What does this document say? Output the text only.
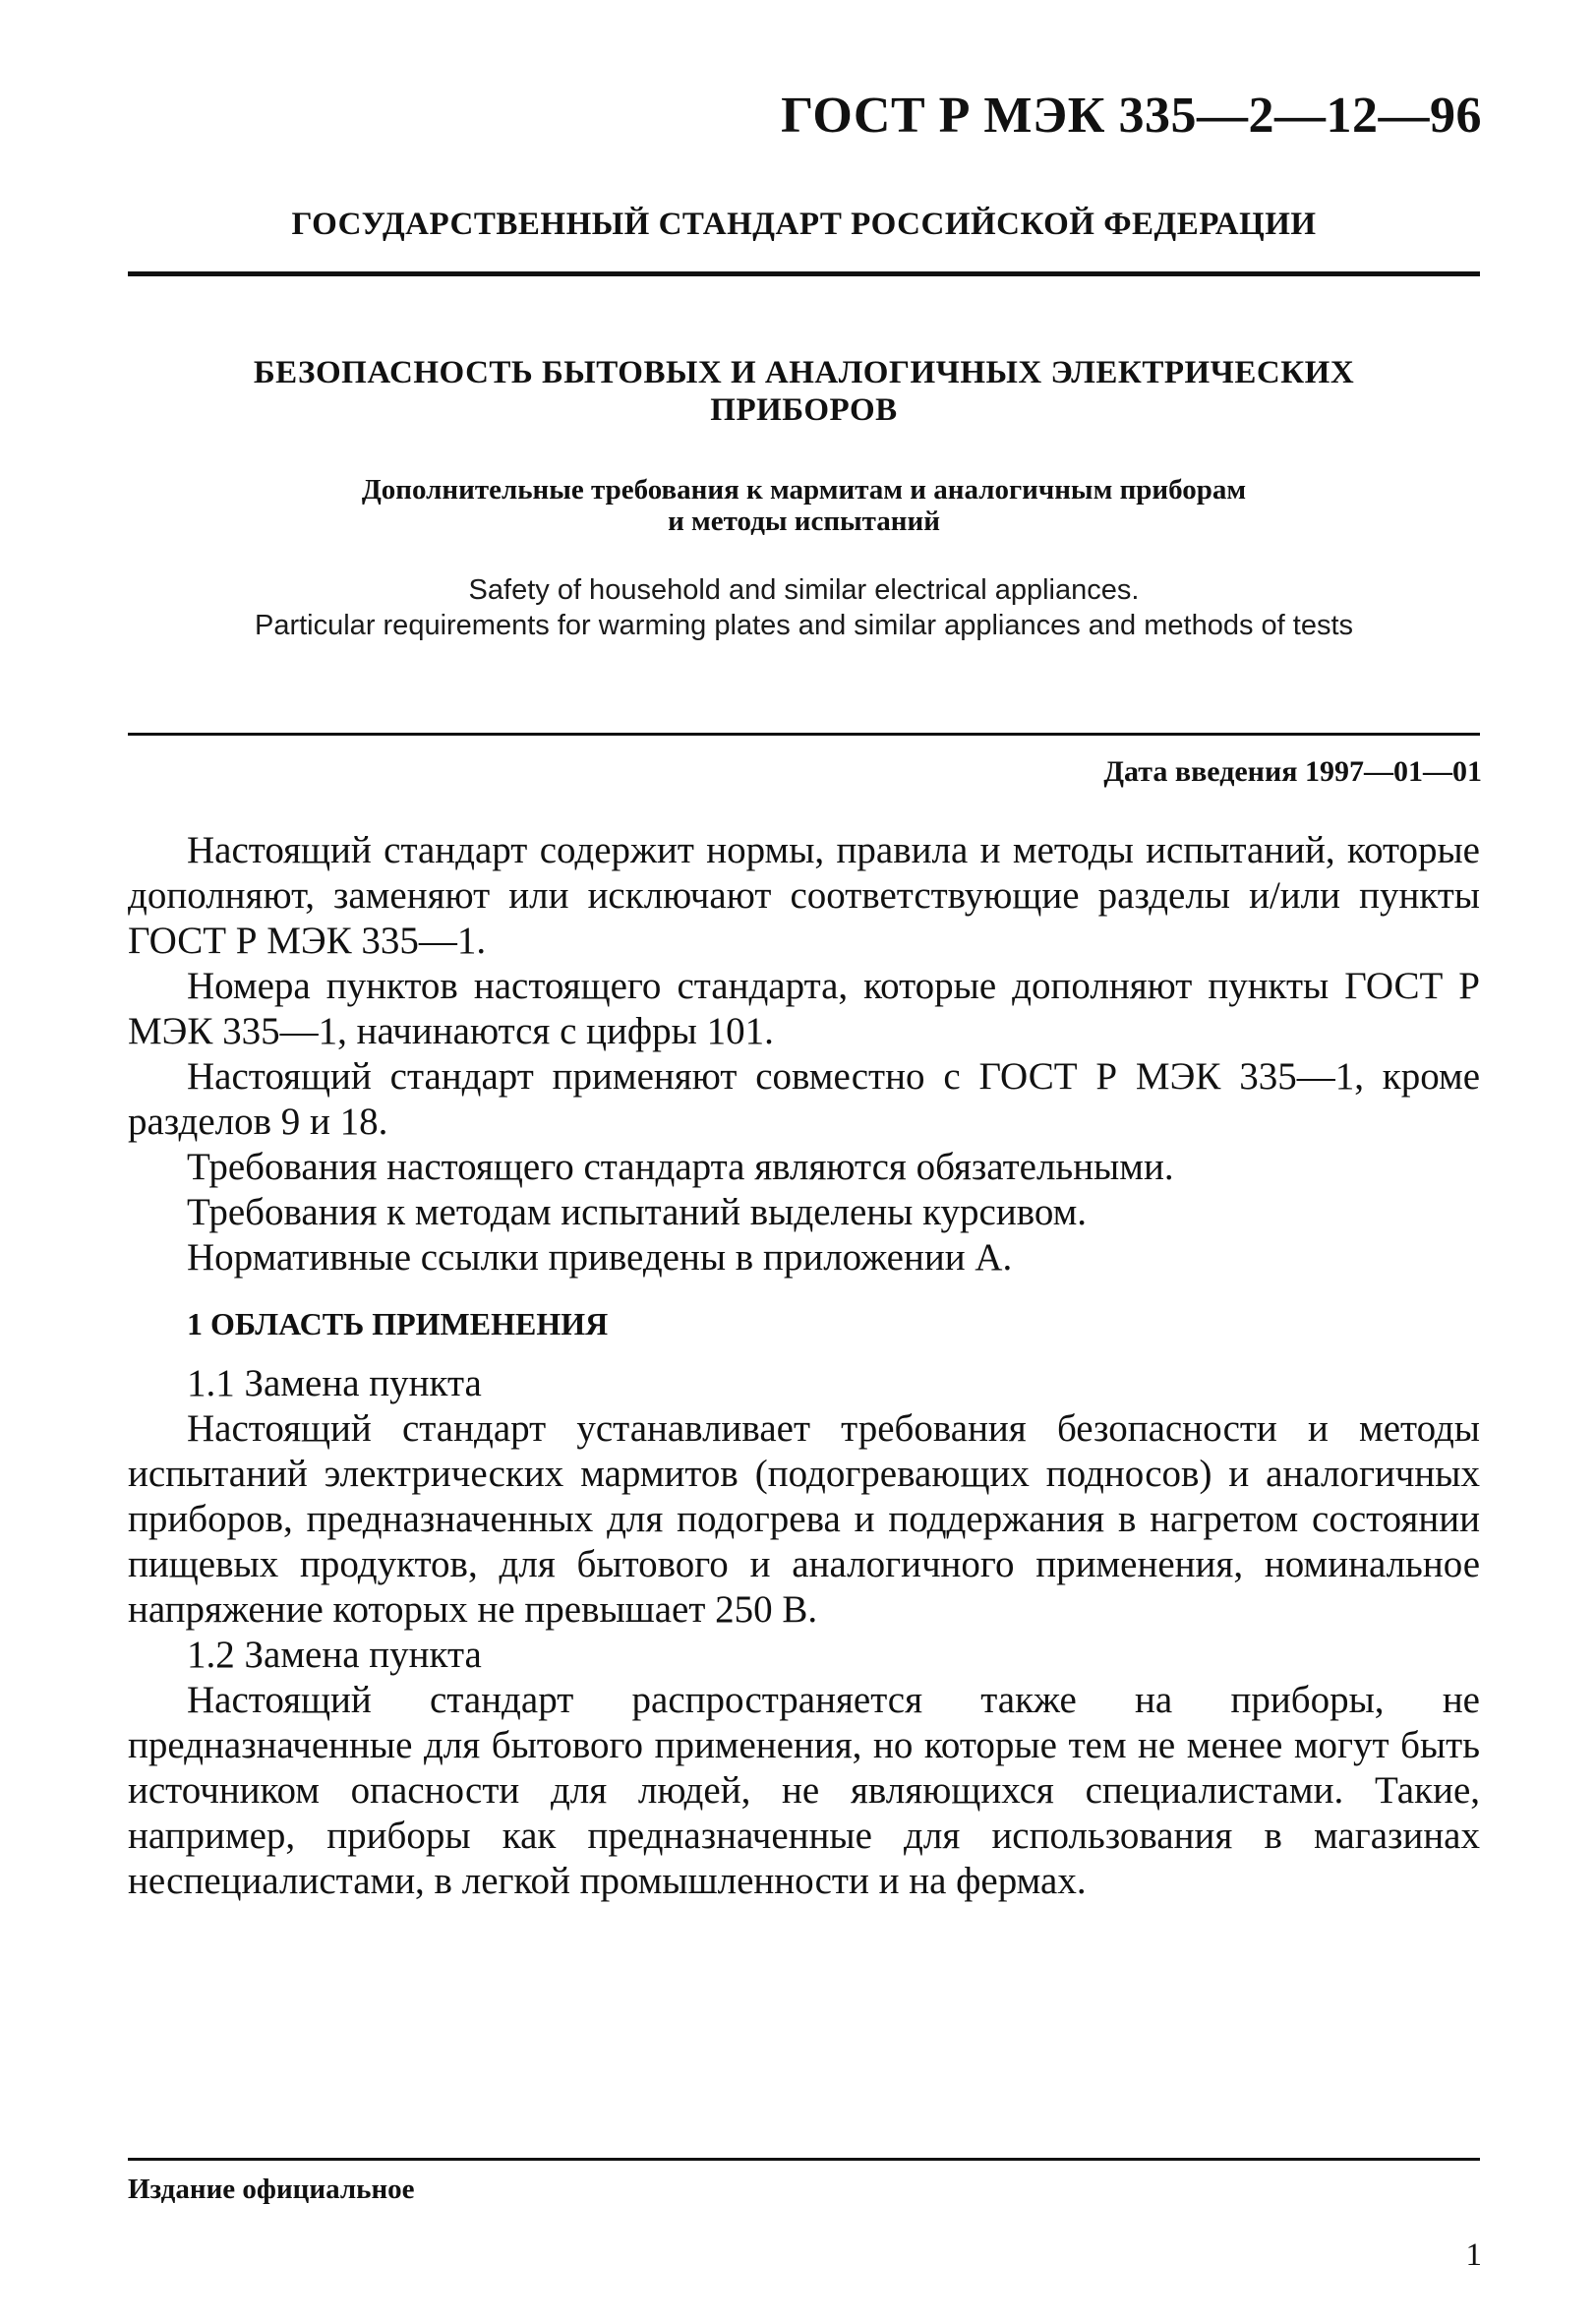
ГОСТ Р МЭК 335—2—12—96
ГОСУДАРСТВЕННЫЙ СТАНДАРТ РОССИЙСКОЙ ФЕДЕРАЦИИ
БЕЗОПАСНОСТЬ БЫТОВЫХ И АНАЛОГИЧНЫХ ЭЛЕКТРИЧЕСКИХ
ПРИБОРОВ
Дополнительные требования к мармитам и аналогичным приборам
и методы испытаний
Safety of household and similar electrical appliances.
Particular requirements for warming plates and similar appliances and methods of tests
Дата введения 1997—01—01

Настоящий стандарт содержит нормы, правила и методы испытаний, которые дополняют, заменяют или исключают соответствующие разделы и/или пункты ГОСТ Р МЭК 335—1.

Номера пунктов настоящего стандарта, которые дополняют пункты ГОСТ Р МЭК 335—1, начинаются с цифры 101.

Настоящий стандарт применяют совместно с ГОСТ Р МЭК 335—1, кроме разделов 9 и 18.

Требования настоящего стандарта являются обязательными.

Требования к методам испытаний выделены курсивом.

Нормативные ссылки приведены в приложении А.

1 ОБЛАСТЬ ПРИМЕНЕНИЯ

1.1 Замена пункта

Настоящий стандарт устанавливает требования безопасности и методы испытаний электрических мармитов (подогревающих подносов) и аналогичных приборов, предназначенных для подогрева и поддержания в нагретом состоянии пищевых продуктов, для бытового и аналогичного применения, номинальное напряжение которых не превышает 250 В.

1.2 Замена пункта

Настоящий стандарт распространяется также на приборы, не предназначенные для бытового применения, но которые тем не менее могут быть источником опасности для людей, не являющихся специалистами. Такие, например, приборы как предназначенные для использования в магазинах неспециалистами, в легкой промышленности и на фермах.

Издание официальное
1
